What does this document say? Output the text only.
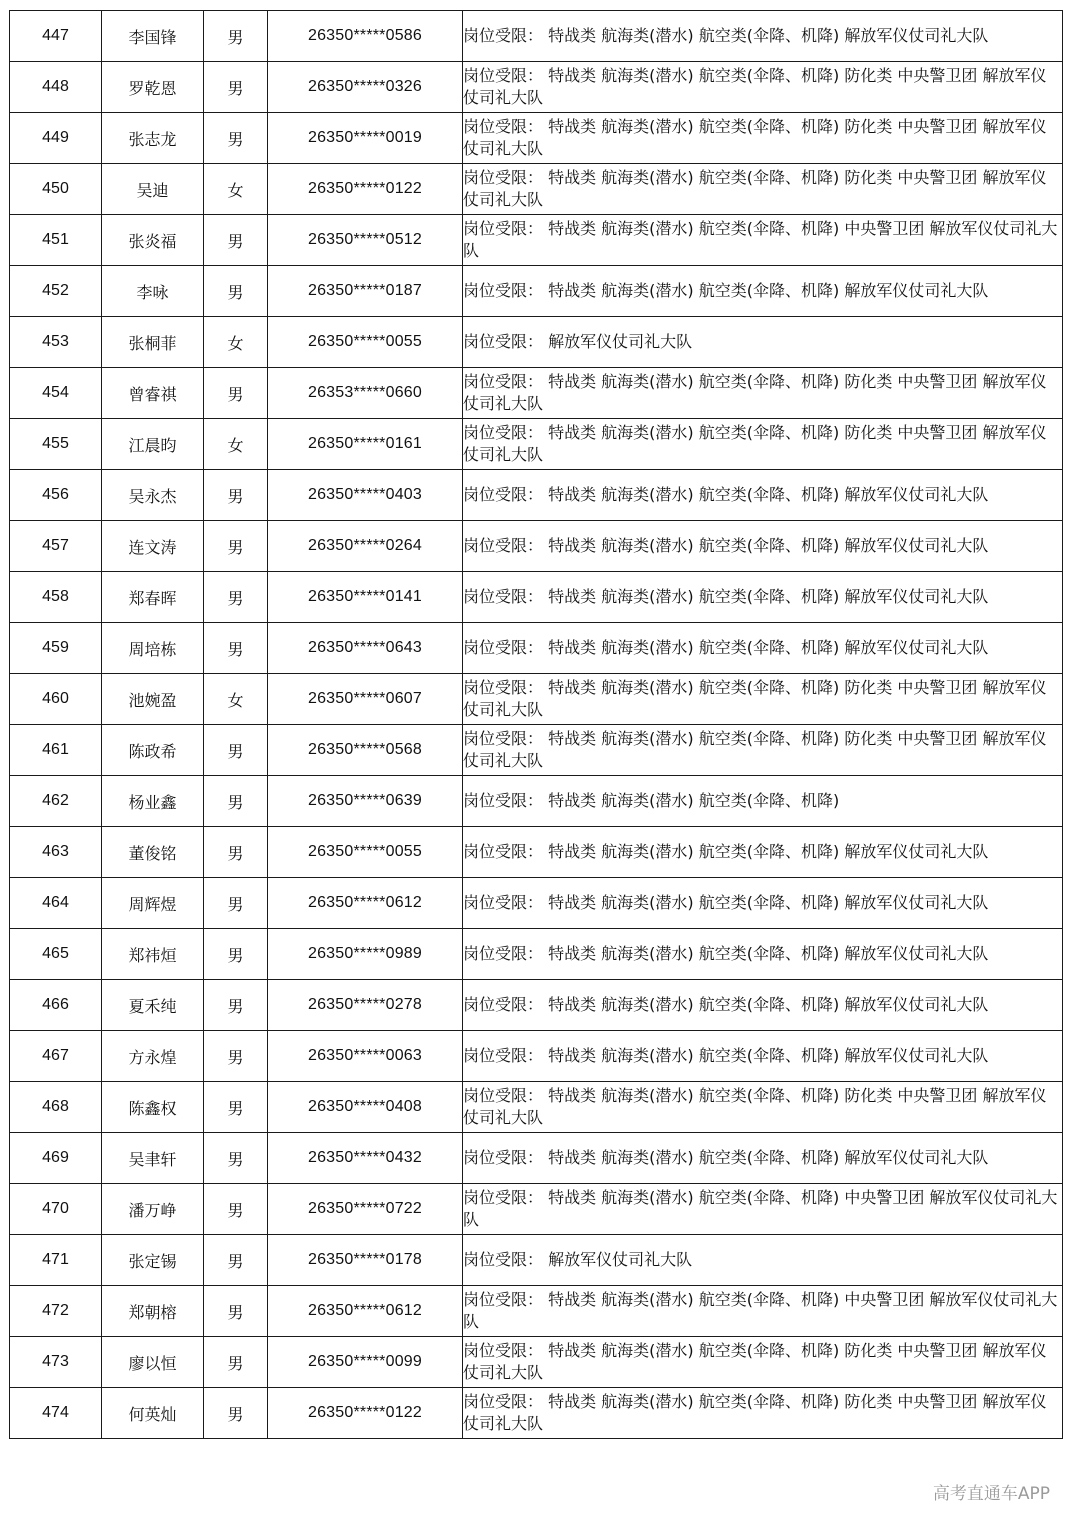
447	李国锋	男	26350*****0586	岗位受限： 特战类 航海类(潜水) 航空类(伞降、机降) 解放军仪仗司礼大队
448	罗乾恩	男	26350*****0326	岗位受限： 特战类 航海类(潜水) 航空类(伞降、机降) 防化类 中央警卫团 解放军仪仗司礼大队
449	张志龙	男	26350*****0019	岗位受限： 特战类 航海类(潜水) 航空类(伞降、机降) 防化类 中央警卫团 解放军仪仗司礼大队
450	吴迪	女	26350*****0122	岗位受限： 特战类 航海类(潜水) 航空类(伞降、机降) 防化类 中央警卫团 解放军仪仗司礼大队
451	张炎福	男	26350*****0512	岗位受限： 特战类 航海类(潜水) 航空类(伞降、机降) 中央警卫团 解放军仪仗司礼大队
452	李咏	男	26350*****0187	岗位受限： 特战类 航海类(潜水) 航空类(伞降、机降) 解放军仪仗司礼大队
453	张桐菲	女	26350*****0055	岗位受限： 解放军仪仗司礼大队
454	曾睿祺	男	26353*****0660	岗位受限： 特战类 航海类(潜水) 航空类(伞降、机降) 防化类 中央警卫团 解放军仪仗司礼大队
455	江晨昀	女	26350*****0161	岗位受限： 特战类 航海类(潜水) 航空类(伞降、机降) 防化类 中央警卫团 解放军仪仗司礼大队
456	吴永杰	男	26350*****0403	岗位受限： 特战类 航海类(潜水) 航空类(伞降、机降) 解放军仪仗司礼大队
457	连文涛	男	26350*****0264	岗位受限： 特战类 航海类(潜水) 航空类(伞降、机降) 解放军仪仗司礼大队
458	郑春晖	男	26350*****0141	岗位受限： 特战类 航海类(潜水) 航空类(伞降、机降) 解放军仪仗司礼大队
459	周培栋	男	26350*****0643	岗位受限： 特战类 航海类(潜水) 航空类(伞降、机降) 解放军仪仗司礼大队
460	池婉盈	女	26350*****0607	岗位受限： 特战类 航海类(潜水) 航空类(伞降、机降) 防化类 中央警卫团 解放军仪仗司礼大队
461	陈政希	男	26350*****0568	岗位受限： 特战类 航海类(潜水) 航空类(伞降、机降) 防化类 中央警卫团 解放军仪仗司礼大队
462	杨业鑫	男	26350*****0639	岗位受限： 特战类 航海类(潜水) 航空类(伞降、机降)
463	董俊铭	男	26350*****0055	岗位受限： 特战类 航海类(潜水) 航空类(伞降、机降) 解放军仪仗司礼大队
464	周辉煜	男	26350*****0612	岗位受限： 特战类 航海类(潜水) 航空类(伞降、机降) 解放军仪仗司礼大队
465	郑祎烜	男	26350*****0989	岗位受限： 特战类 航海类(潜水) 航空类(伞降、机降) 解放军仪仗司礼大队
466	夏禾纯	男	26350*****0278	岗位受限： 特战类 航海类(潜水) 航空类(伞降、机降) 解放军仪仗司礼大队
467	方永煌	男	26350*****0063	岗位受限： 特战类 航海类(潜水) 航空类(伞降、机降) 解放军仪仗司礼大队
468	陈鑫权	男	26350*****0408	岗位受限： 特战类 航海类(潜水) 航空类(伞降、机降) 防化类 中央警卫团 解放军仪仗司礼大队
469	吴聿轩	男	26350*****0432	岗位受限： 特战类 航海类(潜水) 航空类(伞降、机降) 解放军仪仗司礼大队
470	潘万峥	男	26350*****0722	岗位受限： 特战类 航海类(潜水) 航空类(伞降、机降) 中央警卫团 解放军仪仗司礼大队
471	张定锡	男	26350*****0178	岗位受限： 解放军仪仗司礼大队
472	郑朝榕	男	26350*****0612	岗位受限： 特战类 航海类(潜水) 航空类(伞降、机降) 中央警卫团 解放军仪仗司礼大队
473	廖以恒	男	26350*****0099	岗位受限： 特战类 航海类(潜水) 航空类(伞降、机降) 防化类 中央警卫团 解放军仪仗司礼大队
474	何英灿	男	26350*****0122	岗位受限： 特战类 航海类(潜水) 航空类(伞降、机降) 防化类 中央警卫团 解放军仪仗司礼大队
高考直通车APP
